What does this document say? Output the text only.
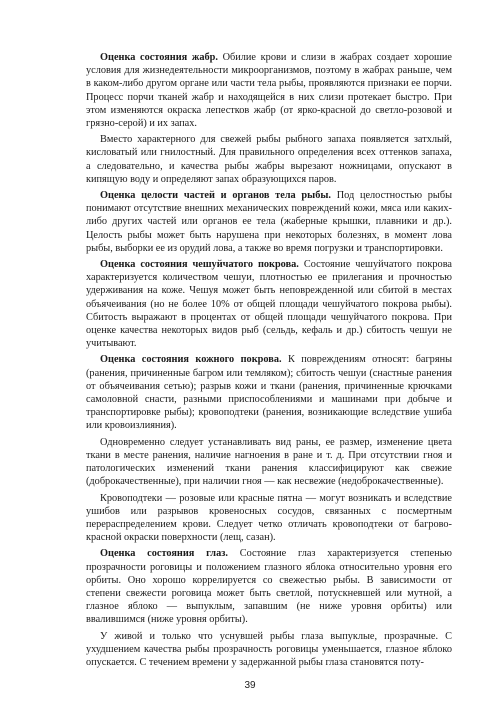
Оценка состояния жабр. Обилие крови и слизи в жабрах создает хорошие условия для жизнедеятельности микроорганизмов, поэтому в жабрах раньше, чем в каком-либо другом органе или части тела рыбы, проявляются признаки ее порчи. Процесс порчи тканей жабр и находящейся в них слизи протекает быстро. При этом изменяются окраска лепестков жабр (от ярко-красной до светло-розовой и грязно-серой) и их запах.

Вместо характерного для свежей рыбы рыбного запаха появляется затхлый, кисловатый или гнилостный. Для правильного определения всех оттенков запаха, а следовательно, и качества рыбы жабры вырезают ножницами, опускают в кипящую воду и определяют запах образующихся паров.

Оценка целости частей и органов тела рыбы. Под целостностью рыбы понимают отсутствие внешних механических повреждений кожи, мяса или каких-либо других частей или органов ее тела (жаберные крышки, плавники и др.). Целость рыбы может быть нарушена при некоторых болезнях, в момент лова рыбы, выборки ее из орудий лова, а также во время погрузки и транспортировки.

Оценка состояния чешуйчатого покрова. Состояние чешуйчатого покрова характеризуется количеством чешуи, плотностью ее прилегания и прочностью удерживания на коже. Чешуя может быть неповрежденной или сбитой в местах объячеивания (но не более 10% от общей площади чешуйчатого покрова рыбы). Сбитость выражают в процентах от общей площади чешуйчатого покрова. При оценке качества некоторых видов рыб (сельдь, кефаль и др.) сбитость чешуи не учитывают.

Оценка состояния кожного покрова. К повреждениям относят: багряны (ранения, причиненные багром или темляком); сбитость чешуи (снастные ранения от объячеивания сетью); разрыв кожи и ткани (ранения, причиненные крючками самоловной снасти, разными приспособлениями и машинами при добыче и транспортировке рыбы); кровоподтеки (ранения, возникающие вследствие ушиба или кровоизлияния).

Одновременно следует устанавливать вид раны, ее размер, изменение цвета ткани в месте ранения, наличие нагноения в ране и т. д. При отсутствии гноя и патологических изменений ткани ранения классифицируют как свежие (доброкачественные), при наличии гноя — как несвежие (недоброкачественные).

Кровоподтеки — розовые или красные пятна — могут возникать и вследствие ушибов или разрывов кровеносных сосудов, связанных с посмертным перераспределением крови. Следует четко отличать кровоподтеки от багрово-красной окраски поверхности (лещ, сазан).

Оценка состояния глаз. Состояние глаз характеризуется степенью прозрачности роговицы и положением глазного яблока относительно уровня его орбиты. Оно хорошо коррелируется со свежестью рыбы. В зависимости от степени свежести роговица может быть светлой, потускневшей или мутной, а глазное яблоко — выпуклым, запавшим (не ниже уровня орбиты) или ввалившимся (ниже уровня орбиты).

У живой и только что уснувшей рыбы глаза выпуклые, прозрачные. С ухудшением качества рыбы прозрачность роговицы уменьшается, глазное яблоко опускается. С течением времени у задержанной рыбы глаза становятся поту-

39
